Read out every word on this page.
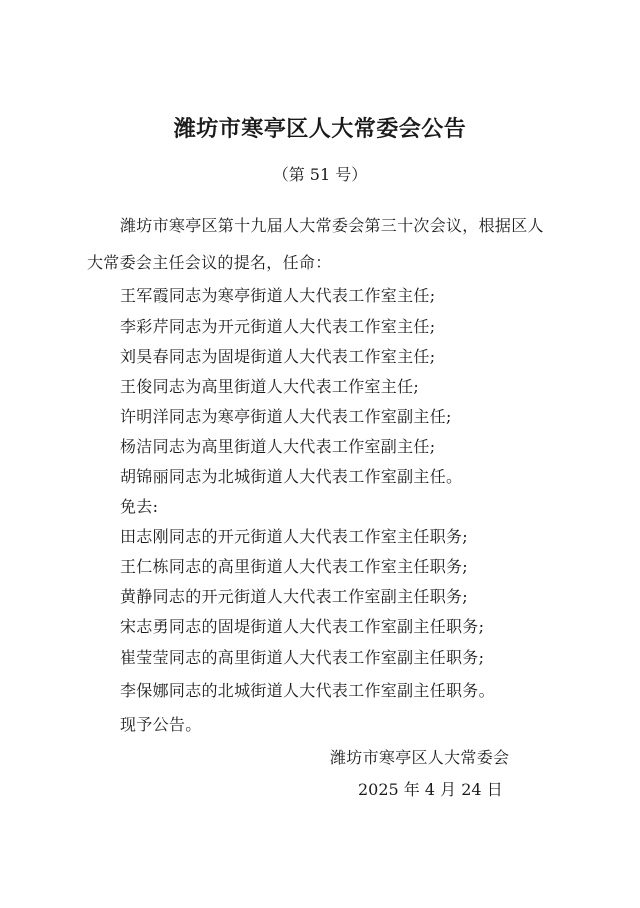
潍坊市寒亭区人大常委会公告
（第 51 号）
潍坊市寒亭区第十九届人大常委会第三十次会议，根据区人
大常委会主任会议的提名，任命：
王军霞同志为寒亭街道人大代表工作室主任;
李彩芹同志为开元街道人大代表工作室主任;
刘昊春同志为固堤街道人大代表工作室主任;
王俊同志为高里街道人大代表工作室主任;
许明洋同志为寒亭街道人大代表工作室副主任;
杨洁同志为高里街道人大代表工作室副主任;
胡锦丽同志为北城街道人大代表工作室副主任。
免去:
田志刚同志的开元街道人大代表工作室主任职务;
王仁栋同志的高里街道人大代表工作室主任职务;
黄静同志的开元街道人大代表工作室副主任职务;
宋志勇同志的固堤街道人大代表工作室副主任职务;
崔莹莹同志的高里街道人大代表工作室副主任职务;
李保娜同志的北城街道人大代表工作室副主任职务。
现予公告。
潍坊市寒亭区人大常委会
2025 年 4 月 24 日
